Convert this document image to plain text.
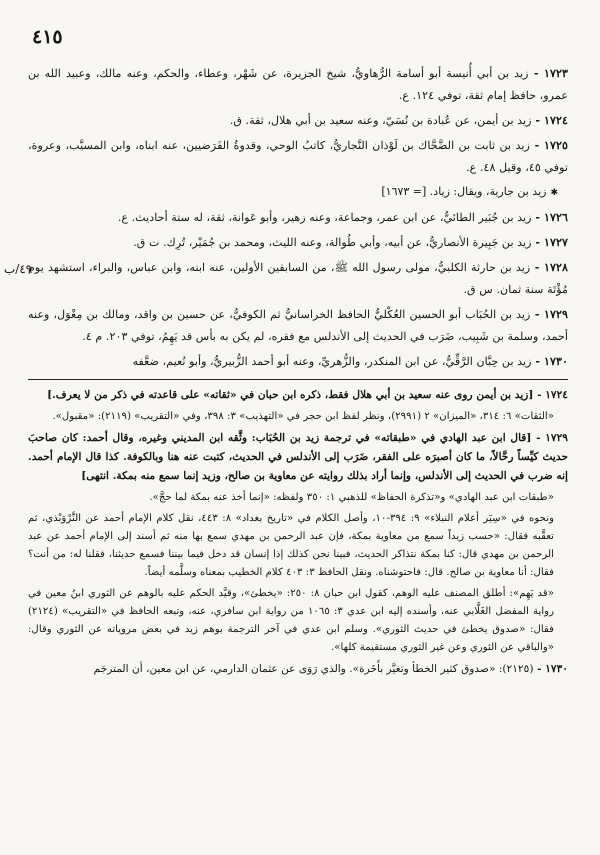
٤١٥
٤٩/ب

١٧٢٣ - زيد بن أبي أُنيسة أبو أسامة الرُّهاويُّ، شيخ الجزيرة، عن شَهْر، وعطاء، والحكم، وعنه مالك، وعبيد الله بن عمرو، حافظ إمام ثقة، توفي ١٢٤. ع.

١٧٢٤ - زيد بن أيمن، عن عُبادة بن نُسَيّ، وعنه سعيد بن أبي هلال، ثقة. ق.

١٧٢٥ - زيد بن ثابت بن الضَّحَّاك بن لَوْذان النَّجاريُّ، كاتبُ الوحي، وقدوةُ الفَرَضيين، عنه ابناه، وابن المسيَّب، وعروة، توفي ٤٥، وقيل ٤٨. ع.

✱زيد بن جارية، ويقال: زياد. [= ١٦٧٣]

١٧٢٦ - زيد بن جُبَير الطائيُّ، عن ابن عمر، وجماعة، وعنه زهير، وأبو عَوانة، ثقة، له ستة أحاديث. ع.

١٧٢٧ - زيد بن جَبِيرة الأنصاريُّ، عن أبيه، وأبي طُوالة، وعنه الليث، ومحمد بن جُمَيْر، تُرِك. ت ق.

١٧٢٨ - زيد بن حارثة الكلبيُّ، مولى رسول الله ﷺ، من السابقين الأولين، عنه ابنه، وابن عباس، والبراء، استشهد يوم مُؤْتَة سنة ثمان. س ق.

١٧٢٩ - زيد بن الحُبَاب أبو الحسين العُكْليُّ الحافظ الخراسانيُّ ثم الكوفيُّ، عن حسين بن واقد، ومالك بن مِغْوَل، وعنه أحمد، وسلمة بن شَبِيب، ضَرَب في الحديث إلى الأندلس مع فقره، لم يكن به بأس قد يَهِمُ، توفي ٢٠٣. م ٤.

١٧٣٠ - زيد بن حِبَّان الرَّقِّيُّ، عن ابن المنكدر، والزُّهريِّ، وعنه أبو أحمد الزُّبيريُّ، وأبو نُعيم، ضعَّفه

١٧٢٤ - [زيد بن أيمن روى عنه سعيد بن أبي هلال فقط، ذكره ابن حبان في «ثقاته» على قاعدته في ذكر من لا يعرف.]

«الثقات» ٦: ٣١٤، «الميزان» ٢ (٢٩٩١)، ونظر لفظ ابن حجر في «التهذيب» ٣: ٣٩٨، وفي «التقريب» (٢١١٩): «مقبول».

١٧٢٩ - [قال ابن عبد الهادي في «طبقاته» في ترجمة زيد بن الحُبَاب: وثَّقه ابن المديني وغيره، وقال أحمد: كان صاحبَ حديث كيِّساً رحَّالاً، ما كان أصبرَه على الفقر، ضَرَب إلى الأندلس في الحديث، كتبت عنه هنا وبالكوفة. كذا قال الإمام أحمد. إنه ضرب في الحديث إلى الأندلس، وإنما أراد بذلك روايته عن معاوية بن صالح، وزيد إنما سمع منه بمكة. انتهى]

«طبقات ابن عبد الهادي» و«تذكرة الحفاظ» للذهبي ١: ٣٥٠ ولفظه: «إنما أخذ عنه بمكة لما حجَّ».

ونحوه في «سِيَر أعلام النبلاء» ٩: ٣٩٤-١٠، وأصل الكلام في «تاريخ بغداد» ٨: ٤٤٣، نقل كلام الإمام أحمد عن النَّرْوَبْذي، ثم تعقَّبه فقال: «حسب زيداً سمع من معاوية بمكة، فإن عبد الرحمن بن مهدي سمع بها منه ثم أسند إلى الإمام أحمد عن عبد الرحمن بن مهدي قال: كنا بمكة نتذاكر الحديث، فبينا نحن كذلك إذا إنسان قد دخل فيما بيننا فسمع حديثنا، فقلنا له: من أنت؟ فقال: أنا معاوية بن صالح. قال: فاحتوشناه. ونقل الحافظ ٣: ٤٠٣ كلام الخطيب بمعناه وسلَّمه أيضاً.

«قد يَهِم»: أطلق المصنف عليه الوهم، كقول ابن حبان ٨: ٢٥٠: «يخطئ»، وقيَّد الحكم عليه بالوهم عن الثوري ابنُ معين في رواية المفضل الغَلَّابي عنه، وأسنده إليه ابن عدي ٣: ١٠٦٥ من رواية ابن سافري، عنه، وتبعه الحافظ في «التقريب» (٢١٢٤) فقال: «صدوق يخطئ في حديث الثوري». وسلم ابن عدي في آخر الترجمة بوهم زيد في بعض مروياته عن الثوري وقال: «والباقي عن الثوري وعن غير الثوري مستقيمة كلها».

١٧٣٠ - (٢١٢٥): «صدوق كثير الخطأ وتغيَّر بأَخَرة». والذي رَوَى عن عثمان الدارمي، عن ابن معين، أن المترجَم
